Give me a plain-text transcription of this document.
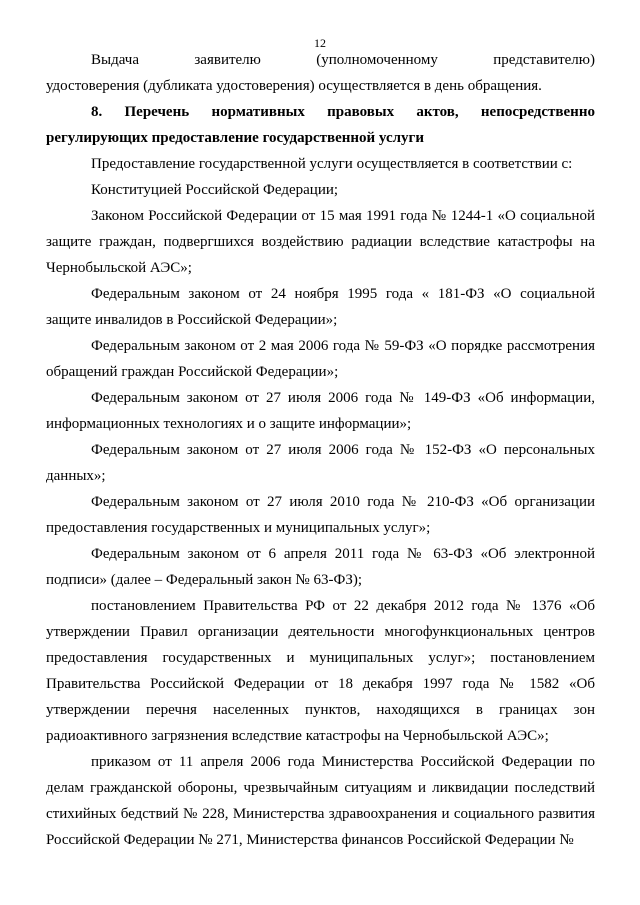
12
Выдача	заявителю	(уполномоченному	представителю)

удостоверения (дубликата удостоверения) осуществляется в день обращения.

8. Перечень нормативных правовых актов, непосредственно

регулирующих предоставление государственной услуги

Предоставление государственной услуги осуществляется в соответствии с:

Конституцией Российской Федерации;

Законом Российской Федерации от 15 мая 1991 года № 1244-1 «О социальной защите граждан, подвергшихся воздействию радиации вследствие катастрофы на Чернобыльской АЭС»;

Федеральным законом от 24 ноября 1995 года « 181-ФЗ «О социальной защите инвалидов в Российской Федерации»;

Федеральным законом от 2 мая 2006 года № 59-ФЗ «О порядке рассмотрения обращений граждан Российской Федерации»;

Федеральным законом от 27 июля 2006 года № 149-ФЗ «Об информации, информационных технологиях и о защите информации»;

Федеральным законом от 27 июля 2006 года № 152-ФЗ «О персональных данных»;

Федеральным законом от 27 июля 2010 года № 210-ФЗ «Об организации предоставления государственных и муниципальных услуг»;

Федеральным законом от 6 апреля 2011 года № 63-ФЗ «Об электронной подписи» (далее – Федеральный закон № 63-ФЗ);

постановлением Правительства РФ от 22 декабря 2012 года № 1376 «Об утверждении Правил организации деятельности многофункциональных центров предоставления государственных и муниципальных услуг»; постановлением Правительства Российской Федерации от 18 декабря 1997 года № 1582 «Об утверждении перечня населенных пунктов, находящихся в границах зон радиоактивного загрязнения вследствие катастрофы на Чернобыльской АЭС»;

приказом от 11 апреля 2006 года Министерства Российской Федерации по делам гражданской обороны, чрезвычайным ситуациям и ликвидации последствий стихийных бедствий № 228, Министерства здравоохранения и социального развития Российской Федерации № 271, Министерства финансов Российской Федерации №
